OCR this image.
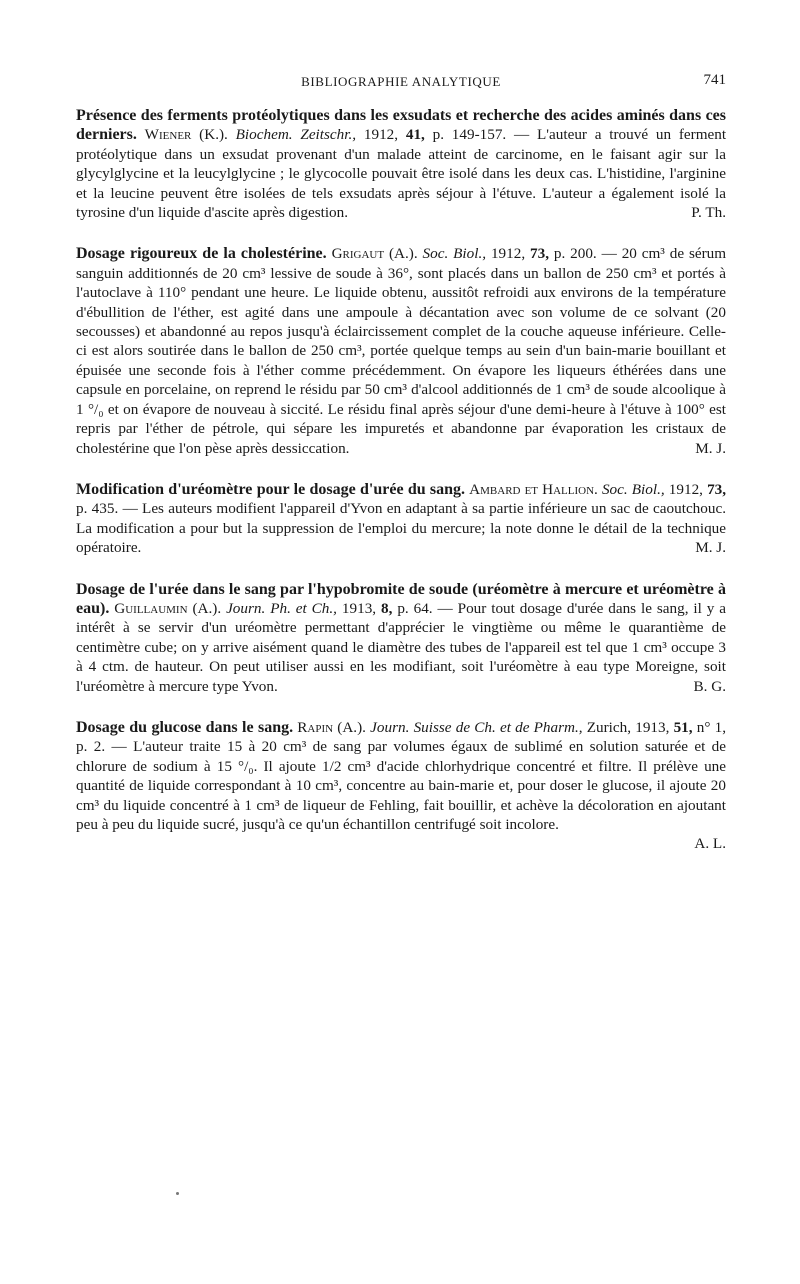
BIBLIOGRAPHIE ANALYTIQUE	741
Présence des ferments protéolytiques dans les exsudats et recherche des acides aminés dans ces derniers. Wiener (K.). Biochem. Zeitschr., 1912, 41, p. 149-157. — L'auteur a trouvé un ferment protéolytique dans un exsudat provenant d'un malade atteint de carcinome, en le faisant agir sur la glycylglycine et la leucylglycine ; le glycocolle pouvait être isolé dans les deux cas. L'histidine, l'arginine et la leucine peuvent être isolées de tels exsudats après séjour à l'étuve. L'auteur a également isolé la tyrosine d'un liquide d'ascite après digestion.	P. Th.
Dosage rigoureux de la cholestérine. Grigaut (A.). Soc. Biol., 1912, 73, p. 200. — 20 cm³ de sérum sanguin additionnés de 20 cm³ lessive de soude à 36°, sont placés dans un ballon de 250 cm³ et portés à l'autoclave à 110° pendant une heure. Le liquide obtenu, aussitôt refroidi aux environs de la température d'ébullition de l'éther, est agité dans une ampoule à décantation avec son volume de ce solvant (20 secousses) et abandonné au repos jusqu'à éclaircissement complet de la couche aqueuse inférieure. Celle-ci est alors soutirée dans le ballon de 250 cm³, portée quelque temps au sein d'un bain-marie bouillant et épuisée une seconde fois à l'éther comme précédemment. On évapore les liqueurs éthérées dans une capsule en porcelaine, on reprend le résidu par 50 cm³ d'alcool additionnés de 1 cm³ de soude alcoolique à 1 °/₀ et on évapore de nouveau à siccité. Le résidu final après séjour d'une demi-heure à l'étuve à 100° est repris par l'éther de pétrole, qui sépare les impuretés et abandonne par évaporation les cristaux de cholestérine que l'on pèse après dessiccation.	M. J.
Modification d'uréomètre pour le dosage d'urée du sang. Ambard et Hallion. Soc. Biol., 1912, 73, p. 435. — Les auteurs modifient l'appareil d'Yvon en adaptant à sa partie inférieure un sac de caoutchouc. La modification a pour but la suppression de l'emploi du mercure; la note donne le détail de la technique opératoire.	M. J.
Dosage de l'urée dans le sang par l'hypobromite de soude (uréomètre à mercure et uréomètre à eau). Guillaumin (A.). Journ. Ph. et Ch., 1913, 8, p. 64. — Pour tout dosage d'urée dans le sang, il y a intérêt à se servir d'un uréomètre permettant d'apprécier le vingtième ou même le quarantième de centimètre cube; on y arrive aisément quand le diamètre des tubes de l'appareil est tel que 1 cm³ occupe 3 à 4 ctm. de hauteur. On peut utiliser aussi en les modifiant, soit l'uréomètre à eau type Moreigne, soit l'uréomètre à mercure type Yvon.	B. G.
Dosage du glucose dans le sang. Rapin (A.). Journ. Suisse de Ch. et de Pharm., Zurich, 1913, 51, n° 1, p. 2. — L'auteur traite 15 à 20 cm³ de sang par volumes égaux de sublimé en solution saturée et de chlorure de sodium à 15 °/₀. Il ajoute 1/2 cm³ d'acide chlorhydrique concentré et filtre. Il prélève une quantité de liquide correspondant à 10 cm³, concentre au bain-marie et, pour doser le glucose, il ajoute 20 cm³ du liquide concentré à 1 cm³ de liqueur de Fehling, fait bouillir, et achève la décoloration en ajoutant peu à peu du liquide sucré, jusqu'à ce qu'un échantillon centrifugé soit incolore.
A. L.
